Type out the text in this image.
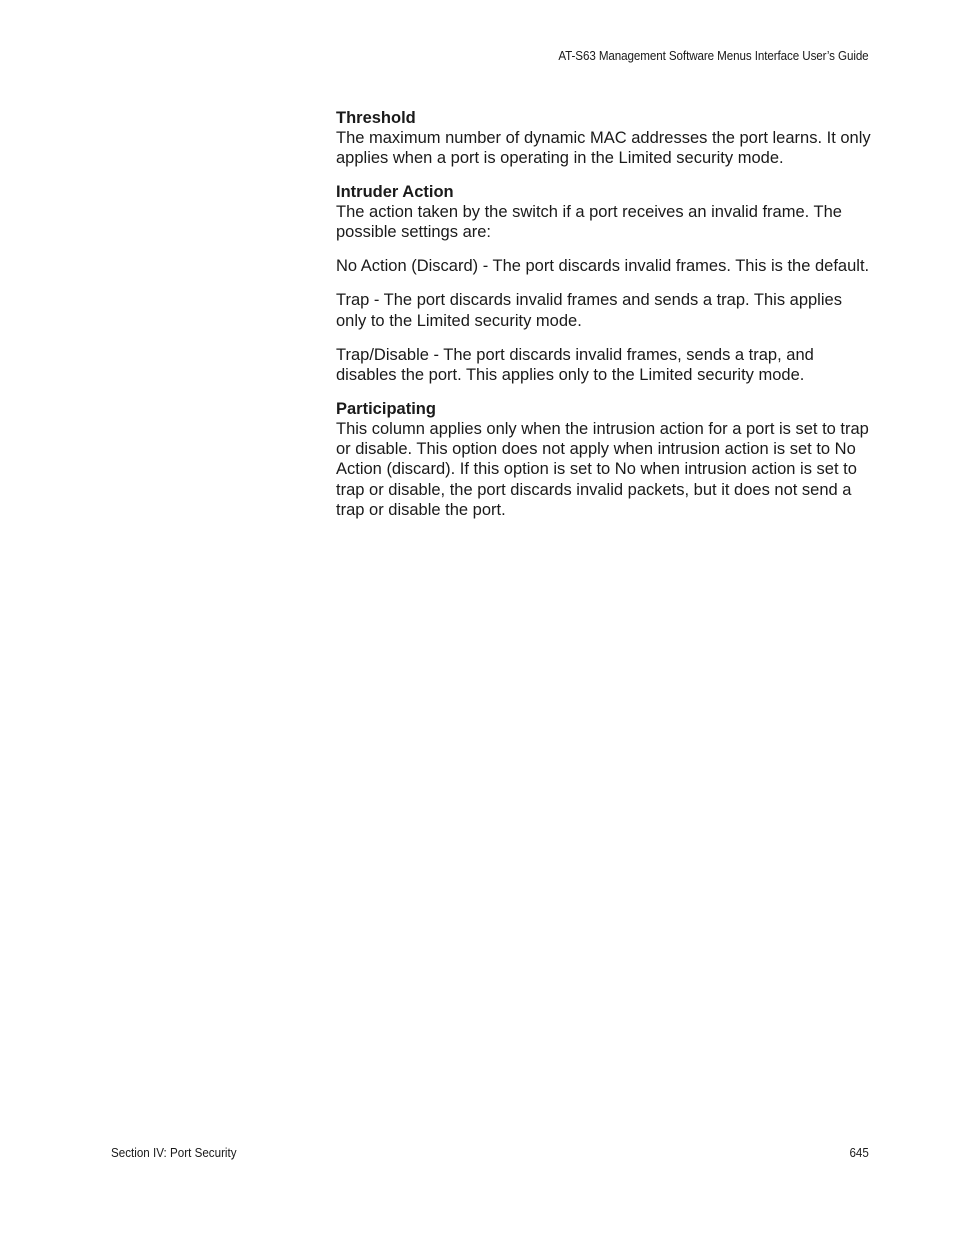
AT-S63 Management Software Menus Interface User’s Guide

Threshold

The maximum number of dynamic MAC addresses the port learns. It only applies when a port is operating in the Limited security mode.

Intruder Action

The action taken by the switch if a port receives an invalid frame. The possible settings are:

No Action (Discard) - The port discards invalid frames. This is the default.

Trap - The port discards invalid frames and sends a trap. This applies only to the Limited security mode.

Trap/Disable - The port discards invalid frames, sends a trap, and disables the port. This applies only to the Limited security mode.

Participating

This column applies only when the intrusion action for a port is set to trap or disable. This option does not apply when intrusion action is set to No Action (discard). If this option is set to No when intrusion action is set to trap or disable, the port discards invalid packets, but it does not send a trap or disable the port.

Section IV: Port Security	645
